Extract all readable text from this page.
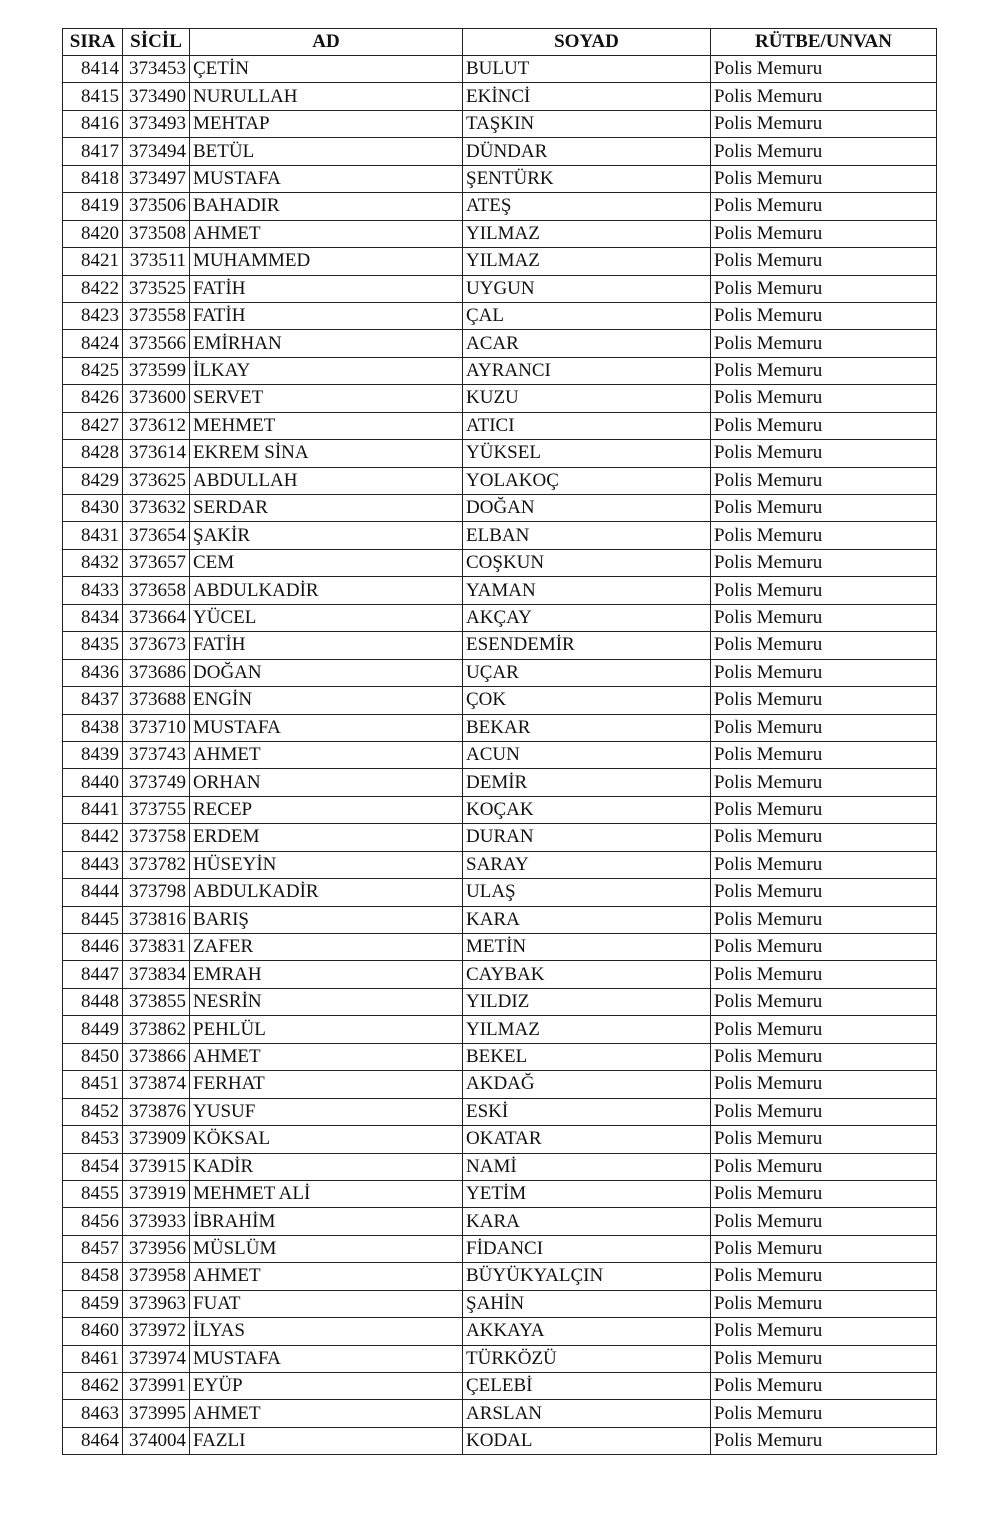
SIRA	SİCİL	AD	SOYAD	RÜTBE/UNVAN
8414	373453	ÇETİN	BULUT	Polis Memuru
8415	373490	NURULLAH	EKİNCİ	Polis Memuru
8416	373493	MEHTAP	TAŞKIN	Polis Memuru
8417	373494	BETÜL	DÜNDAR	Polis Memuru
8418	373497	MUSTAFA	ŞENTÜRK	Polis Memuru
8419	373506	BAHADIR	ATEŞ	Polis Memuru
8420	373508	AHMET	YILMAZ	Polis Memuru
8421	373511	MUHAMMED	YILMAZ	Polis Memuru
8422	373525	FATİH	UYGUN	Polis Memuru
8423	373558	FATİH	ÇAL	Polis Memuru
8424	373566	EMİRHAN	ACAR	Polis Memuru
8425	373599	İLKAY	AYRANCI	Polis Memuru
8426	373600	SERVET	KUZU	Polis Memuru
8427	373612	MEHMET	ATICI	Polis Memuru
8428	373614	EKREM SİNA	YÜKSEL	Polis Memuru
8429	373625	ABDULLAH	YOLAKOÇ	Polis Memuru
8430	373632	SERDAR	DOĞAN	Polis Memuru
8431	373654	ŞAKİR	ELBAN	Polis Memuru
8432	373657	CEM	COŞKUN	Polis Memuru
8433	373658	ABDULKADİR	YAMAN	Polis Memuru
8434	373664	YÜCEL	AKÇAY	Polis Memuru
8435	373673	FATİH	ESENDEMİR	Polis Memuru
8436	373686	DOĞAN	UÇAR	Polis Memuru
8437	373688	ENGİN	ÇOK	Polis Memuru
8438	373710	MUSTAFA	BEKAR	Polis Memuru
8439	373743	AHMET	ACUN	Polis Memuru
8440	373749	ORHAN	DEMİR	Polis Memuru
8441	373755	RECEP	KOÇAK	Polis Memuru
8442	373758	ERDEM	DURAN	Polis Memuru
8443	373782	HÜSEYİN	SARAY	Polis Memuru
8444	373798	ABDULKADİR	ULAŞ	Polis Memuru
8445	373816	BARIŞ	KARA	Polis Memuru
8446	373831	ZAFER	METİN	Polis Memuru
8447	373834	EMRAH	CAYBAK	Polis Memuru
8448	373855	NESRİN	YILDIZ	Polis Memuru
8449	373862	PEHLÜL	YILMAZ	Polis Memuru
8450	373866	AHMET	BEKEL	Polis Memuru
8451	373874	FERHAT	AKDAĞ	Polis Memuru
8452	373876	YUSUF	ESKİ	Polis Memuru
8453	373909	KÖKSAL	OKATAR	Polis Memuru
8454	373915	KADİR	NAMİ	Polis Memuru
8455	373919	MEHMET ALİ	YETİM	Polis Memuru
8456	373933	İBRAHİM	KARA	Polis Memuru
8457	373956	MÜSLÜM	FİDANCI	Polis Memuru
8458	373958	AHMET	BÜYÜKYALÇIN	Polis Memuru
8459	373963	FUAT	ŞAHİN	Polis Memuru
8460	373972	İLYAS	AKKAYA	Polis Memuru
8461	373974	MUSTAFA	TÜRKÖZÜ	Polis Memuru
8462	373991	EYÜP	ÇELEBİ	Polis Memuru
8463	373995	AHMET	ARSLAN	Polis Memuru
8464	374004	FAZLI	KODAL	Polis Memuru
